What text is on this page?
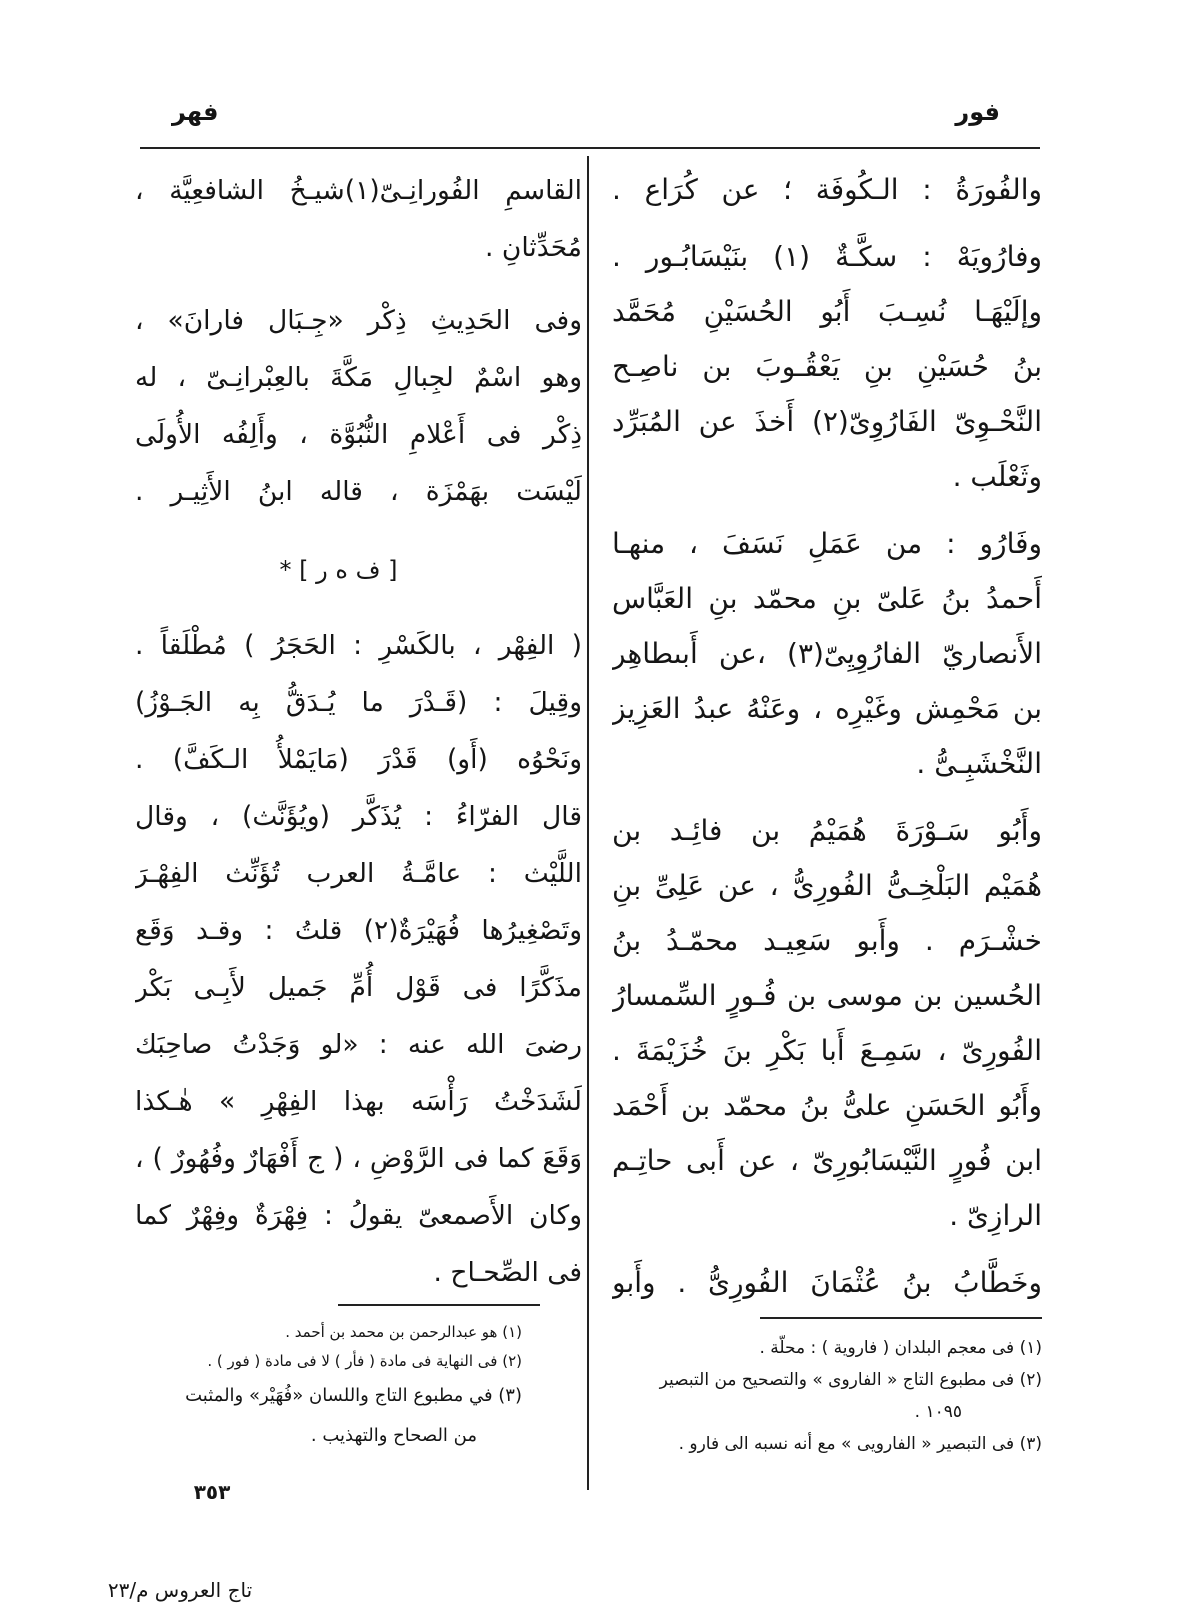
فور
فهر
والفُورَةُ : الـكُوفَة ؛ عن كُرَاع .
وفارُويَهْ : سكَّـةٌ (١) بنَيْسَابُـور .
وإلَيْهَـا نُسِـبَ أَبُو الحُسَيْنِ مُحَمَّد
بنُ حُسَيْنِ بنِ يَعْقُـوبَ بن ناصِـح
النَّحْـوِىّ الفَارُوِىّ(٢) أَخذَ عن المُبَرِّد
وثَعْلَب .
وفَارُو : من عَمَلِ نَسَفَ ، منهـا
أَحمدُ بنُ عَلىّ بنِ محمّد بنِ العَبَّاس
الأَنصاريّ الفارُوِيِىّ(٣) ،عن أَبىطاهِر
بن مَحْمِش وغَيْرِه ، وعَنْهُ عبدُ العَزِيز
النَّخْشَبِـىُّ .
وأَبُو سَـوْرَةَ هُمَيْمُ بن فائِـد بن
هُمَيْم البَلْخِـىُّ الفُورِىُّ ، عن عَلِىِّ بنِ
خشْـرَم . وأَبو سَعِيـد محمّـدُ بنُ
الحُسين بن موسى بن فُـورٍ السِّمسارُ
الفُورِىّ ، سَمِـعَ أَبا بَكْرِ بنَ خُزَيْمَةَ .
وأَبُو الحَسَنِ علىُّ بنُ محمّد بن أَحْمَد
ابن فُورٍ النَّيْسَابُورِىّ ، عن أَبى حاتِـم
الرازِىّ .
وخَطَّابُ بنُ عُثْمَانَ الفُورِىُّ . وأَبو
القاسمِ الفُورانِـىّ(١)شيـخُ الشافعِيَّة ،
مُحَدِّثانِ .
وفى الحَدِيثِ ذِكْر «جِـبَال فارانَ» ،
وهو اسْمٌ لجِبالِ مَكَّةَ بالعِبْرانِـىّ ، له
ذِكْر فى أَعْلامِ النُّبُوَّة ، وأَلِفُه الأُولَى
لَيْسَت بهَمْزَة ، قاله ابنُ الأَثِيـر .
[ ف ه ر ] *
( الفِهْر ، بالكَسْرِ : الحَجَرُ ) مُطْلَقاً .
وقِيلَ : (قَـدْرَ ما يُـدَقُّ بِه الجَـوْزُ)
ونَحْوُه (أَو) قَدْرَ (مَايَمْلأُ الـكَفَّ) .
قال الفرّاءُ : يُذَكَّر (ويُؤَنَّث) ، وقال
اللَّيْث : عامَّـةُ العرب تُؤَنِّث الفِهْـرَ
وتَصْغِيرُها فُهَيْرَةٌ(٢) قلتُ : وقـد وَقَع
مذَكَّرًا فى قَوْل أُمِّ جَميل لأَبِـى بَكْر
رضىَ الله عنه : «لو وَجَدْتُ صاحِبَك
لَشَدَخْتُ رَأْسَه بهذا الفِهْرِ » هٰـكذا
وَقَعَ كما فى الرَّوْضِ ، ( ج أَفْهَارٌ وفُهُورٌ ) ،
وكان الأَصمعىّ يقولُ : فِهْرَةٌ وفِهْرٌ كما
فى الصِّحـاح .
(١) فى معجم البلدان ( فاروية ) : محلّة .
(٢) فى مطبوع التاج « الفاروى » والتصحيح من التبصير
١٠٩٥ .
(٣) فى التبصير « الفارويى » مع أنه نسبه الى فارو .
(١) هو عبدالرحمن بن محمد بن أحمد .
(٢) فى النهاية فى مادة ( فأر ) لا فى مادة ( فور ) .
(٣) في مطبوع التاج واللسان «فُهَيْر» والمثبت
من الصحاح والتهذيب .
٣٥٣
تاج العروس م/٢٣
